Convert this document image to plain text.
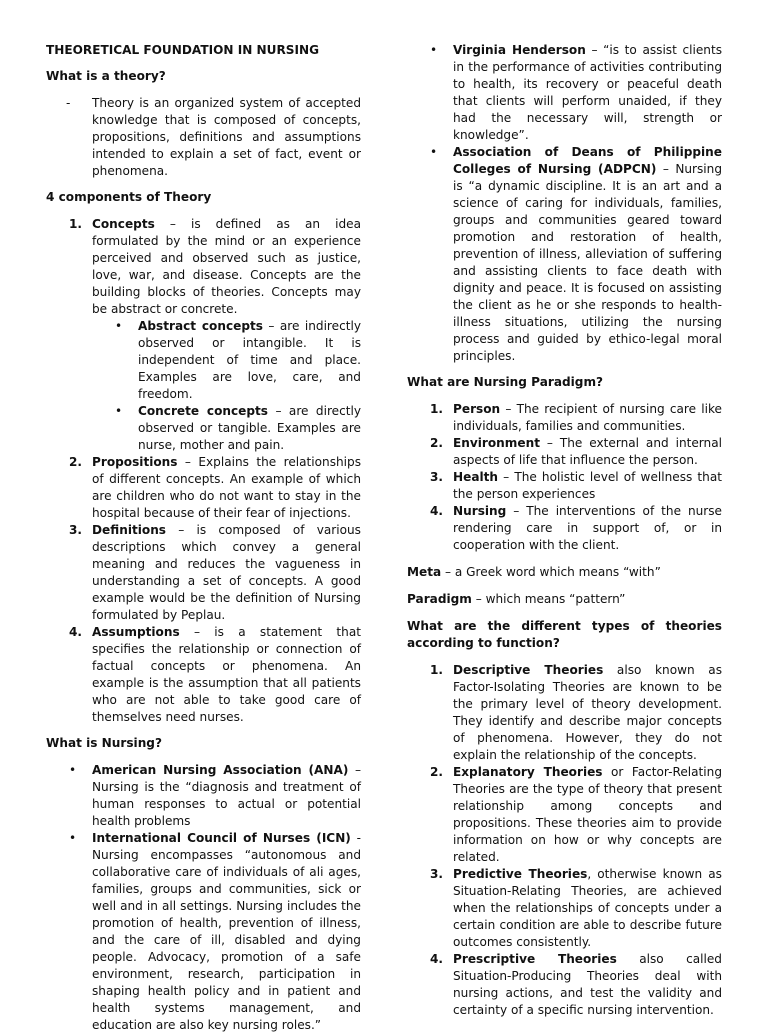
THEORETICAL FOUNDATION IN NURSING
What is a theory?
- Theory is an organized system of accepted knowledge that is composed of concepts, propositions, definitions and assumptions intended to explain a set of fact, event or phenomena.
4 components of Theory
1. Concepts – is defined as an idea formulated by the mind or an experience perceived and observed such as justice, love, war, and disease. Concepts are the building blocks of theories. Concepts may be abstract or concrete.
• Abstract concepts – are indirectly observed or intangible. It is independent of time and place. Examples are love, care, and freedom.
• Concrete concepts – are directly observed or tangible. Examples are nurse, mother and pain.
2. Propositions – Explains the relationships of different concepts. An example of which are children who do not want to stay in the hospital because of their fear of injections.
3. Definitions – is composed of various descriptions which convey a general meaning and reduces the vagueness in understanding a set of concepts. A good example would be the definition of Nursing formulated by Peplau.
4. Assumptions – is a statement that specifies the relationship or connection of factual concepts or phenomena. An example is the assumption that all patients who are not able to take good care of themselves need nurses.
What is Nursing?
• American Nursing Association (ANA) – Nursing is the “diagnosis and treatment of human responses to actual or potential health problems
• International Council of Nurses (ICN) - Nursing encompasses “autonomous and collaborative care of individuals of ali ages, families, groups and communities, sick or well and in all settings. Nursing includes the promotion of health, prevention of illness, and the care of ill, disabled and dying people. Advocacy, promotion of a safe environment, research, participation in shaping health policy and in patient and health systems management, and education are also key nursing roles.”
• Virginia Henderson – “is to assist clients in the performance of activities contributing to health, its recovery or peaceful death that clients will perform unaided, if they had the necessary will, strength or knowledge”.
• Association of Deans of Philippine Colleges of Nursing (ADPCN) – Nursing is “a dynamic discipline. It is an art and a science of caring for individuals, families, groups and communities geared toward promotion and restoration of health, prevention of illness, alleviation of suffering and assisting clients to face death with dignity and peace. It is focused on assisting the client as he or she responds to health-illness situations, utilizing the nursing process and guided by ethico-legal moral principles.
What are Nursing Paradigm?
1. Person – The recipient of nursing care like individuals, families and communities.
2. Environment – The external and internal aspects of life that influence the person.
3. Health – The holistic level of wellness that the person experiences
4. Nursing – The interventions of the nurse rendering care in support of, or in cooperation with the client.

Meta – a Greek word which means “with”

Paradigm – which means “pattern”

What are the different types of theories according to function?
1. Descriptive Theories also known as Factor-Isolating Theories are known to be the primary level of theory development. They identify and describe major concepts of phenomena. However, they do not explain the relationship of the concepts.
2. Explanatory Theories or Factor-Relating Theories are the type of theory that present relationship among concepts and propositions. These theories aim to provide information on how or why concepts are related.
3. Predictive Theories, otherwise known as Situation-Relating Theories, are achieved when the relationships of concepts under a certain condition are able to describe future outcomes consistently.
4. Prescriptive Theories also called Situation-Producing Theories deal with nursing actions, and test the validity and certainty of a specific nursing intervention.
